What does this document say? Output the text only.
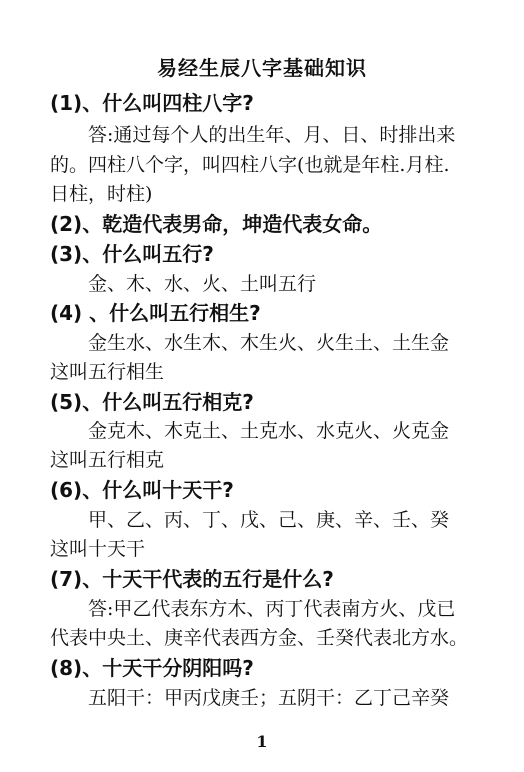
易经生辰八字基础知识
(1)、什么叫四柱八字?
答:通过每个人的出生年、月、日、时排出来
的。四柱八个字，叫四柱八字(也就是年柱.月柱.
日柱，时柱)
(2)、乾造代表男命，坤造代表女命。
(3)、什么叫五行?
金、木、水、火、土叫五行
(4) 、什么叫五行相生?
金生水、水生木、木生火、火生土、土生金
这叫五行相生
(5)、什么叫五行相克?
金克木、木克土、土克水、水克火、火克金
这叫五行相克
(6)、什么叫十天干?
甲、乙、丙、丁、戊、己、庚、辛、壬、癸
这叫十天干
(7)、十天干代表的五行是什么?
答:甲乙代表东方木、丙丁代表南方火、戊已
代表中央土、庚辛代表西方金、壬癸代表北方水。
(8)、十天干分阴阳吗?
五阳干：甲丙戊庚壬；五阴干：乙丁己辛癸
1
